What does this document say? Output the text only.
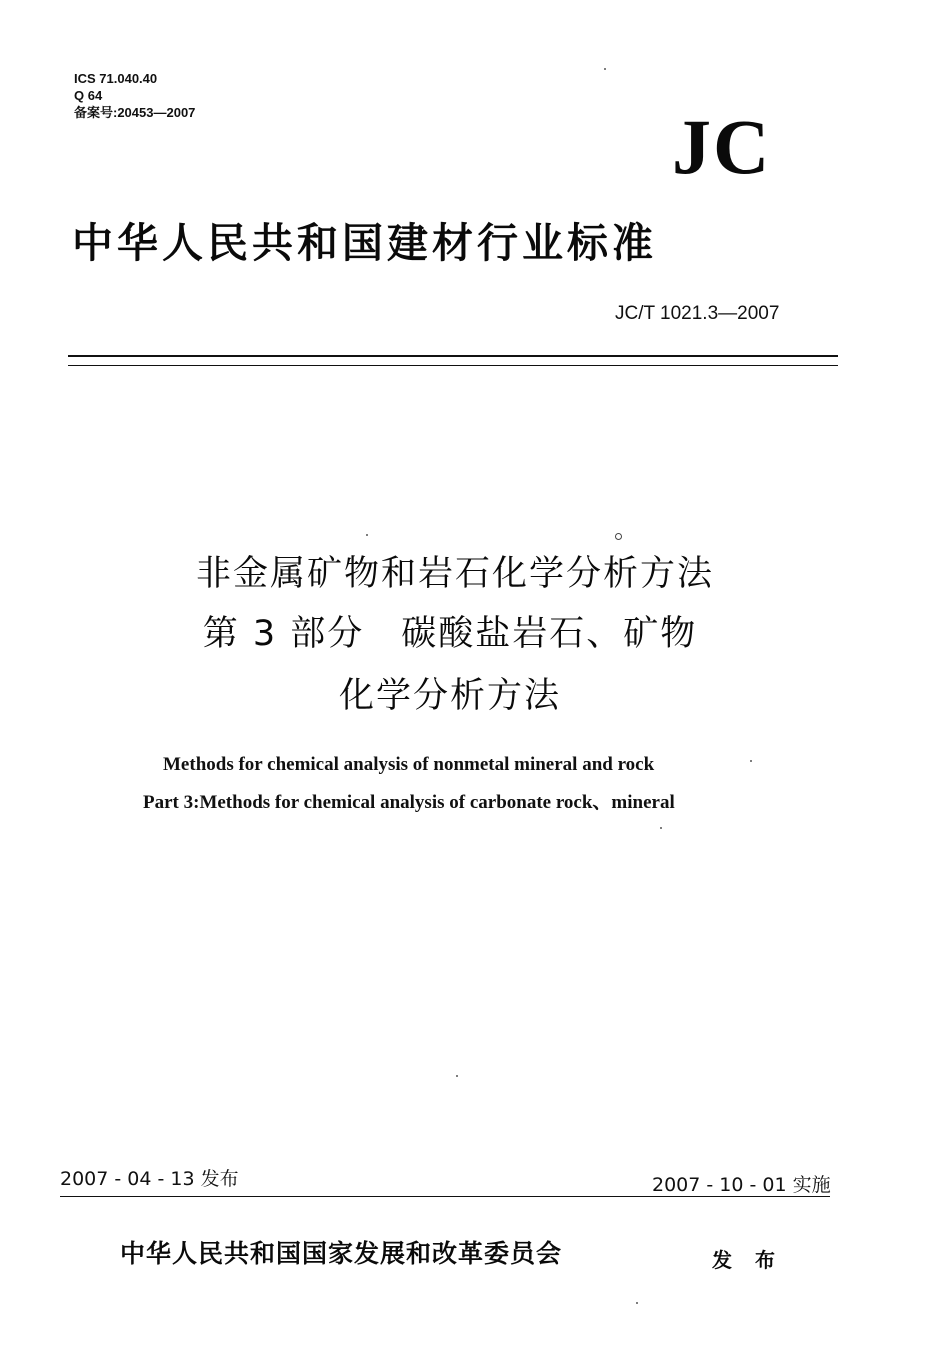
ICS 71.040.40
Q 64
备案号:20453—2007	JC
中华人民共和国建材行业标准
JC/T 1021.3—2007
非金属矿物和岩石化学分析方法
第 3 部分　碳酸盐岩石、矿物
化学分析方法
Methods for chemical analysis of nonmetal mineral and rock
Part 3:Methods for chemical analysis of carbonate rock、mineral
2007 - 04 - 13 发布	2007 - 10 - 01 实施
中华人民共和国国家发展和改革委员会	发 布
